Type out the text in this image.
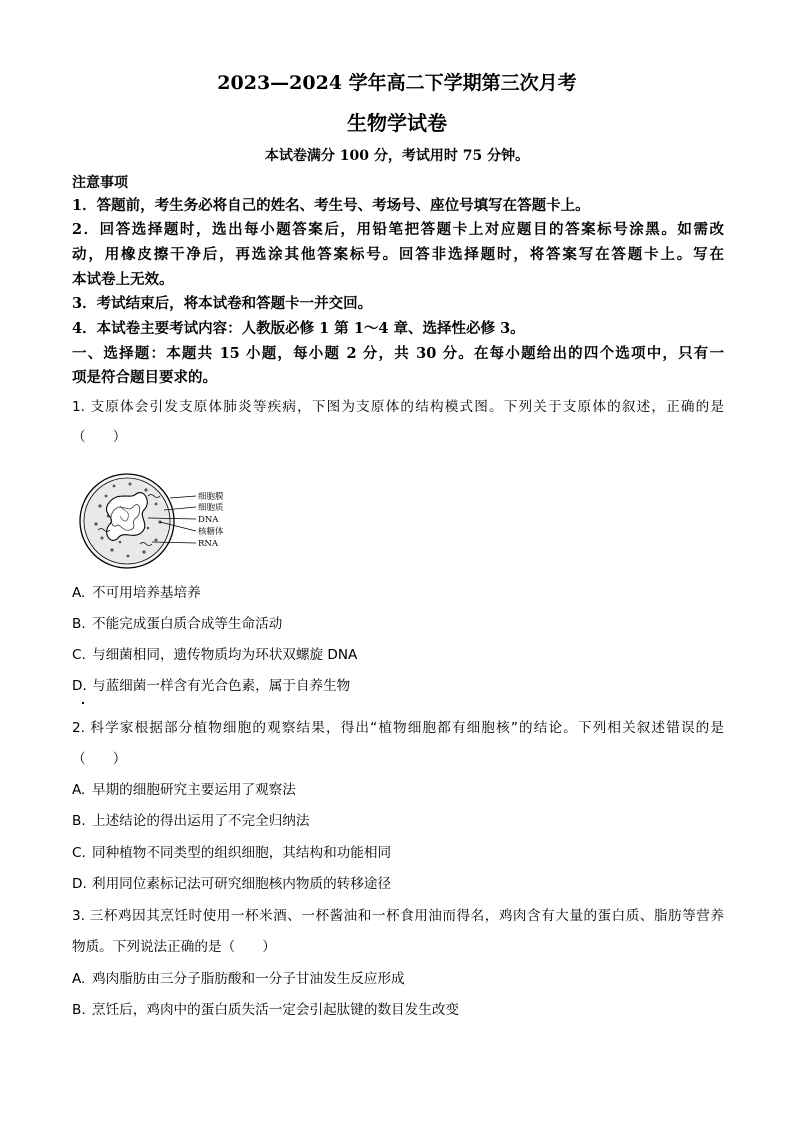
2023—2024 学年高二下学期第三次月考
生物学试卷
本试卷满分 100 分，考试用时 75 分钟。
注意事项
1．答题前，考生务必将自己的姓名、考生号、考场号、座位号填写在答题卡上。
2．回答选择题时，选出每小题答案后，用铅笔把答题卡上对应题目的答案标号涂黑。如需改
动，用橡皮擦干净后，再选涂其他答案标号。回答非选择题时，将答案写在答题卡上。写在
本试卷上无效。
3．考试结束后，将本试卷和答题卡一并交回。
4．本试卷主要考试内容：人教版必修 1 第 1～4 章、选择性必修 3。
一、选择题：本题共 15 小题，每小题 2 分，共 30 分。在每小题给出的四个选项中，只有一
项是符合题目要求的。
1. 支原体会引发支原体肺炎等疾病，下图为支原体的结构模式图。下列关于支原体的叙述，正确的是
（　　）
细胞膜
细胞质
DNA
核糖体
RNA
A. 不可用培养基培养
B. 不能完成蛋白质合成等生命活动
C. 与细菌相同，遗传物质均为环状双螺旋 DNA
D. 与蓝细菌一样含有光合色素，属于自养生物
2. 科学家根据部分植物细胞的观察结果，得出“植物细胞都有细胞核”的结论。下列相关叙述错误的是
（　　）
A. 早期的细胞研究主要运用了观察法
B. 上述结论的得出运用了不完全归纳法
C. 同种植物不同类型的组织细胞，其结构和功能相同
D. 利用同位素标记法可研究细胞核内物质的转移途径
3. 三杯鸡因其烹饪时使用一杯米酒、一杯酱油和一杯食用油而得名，鸡肉含有大量的蛋白质、脂肪等营养
物质。下列说法正确的是（　　）
A. 鸡肉脂肪由三分子脂肪酸和一分子甘油发生反应形成
B. 烹饪后，鸡肉中的蛋白质失活一定会引起肽键的数目发生改变
